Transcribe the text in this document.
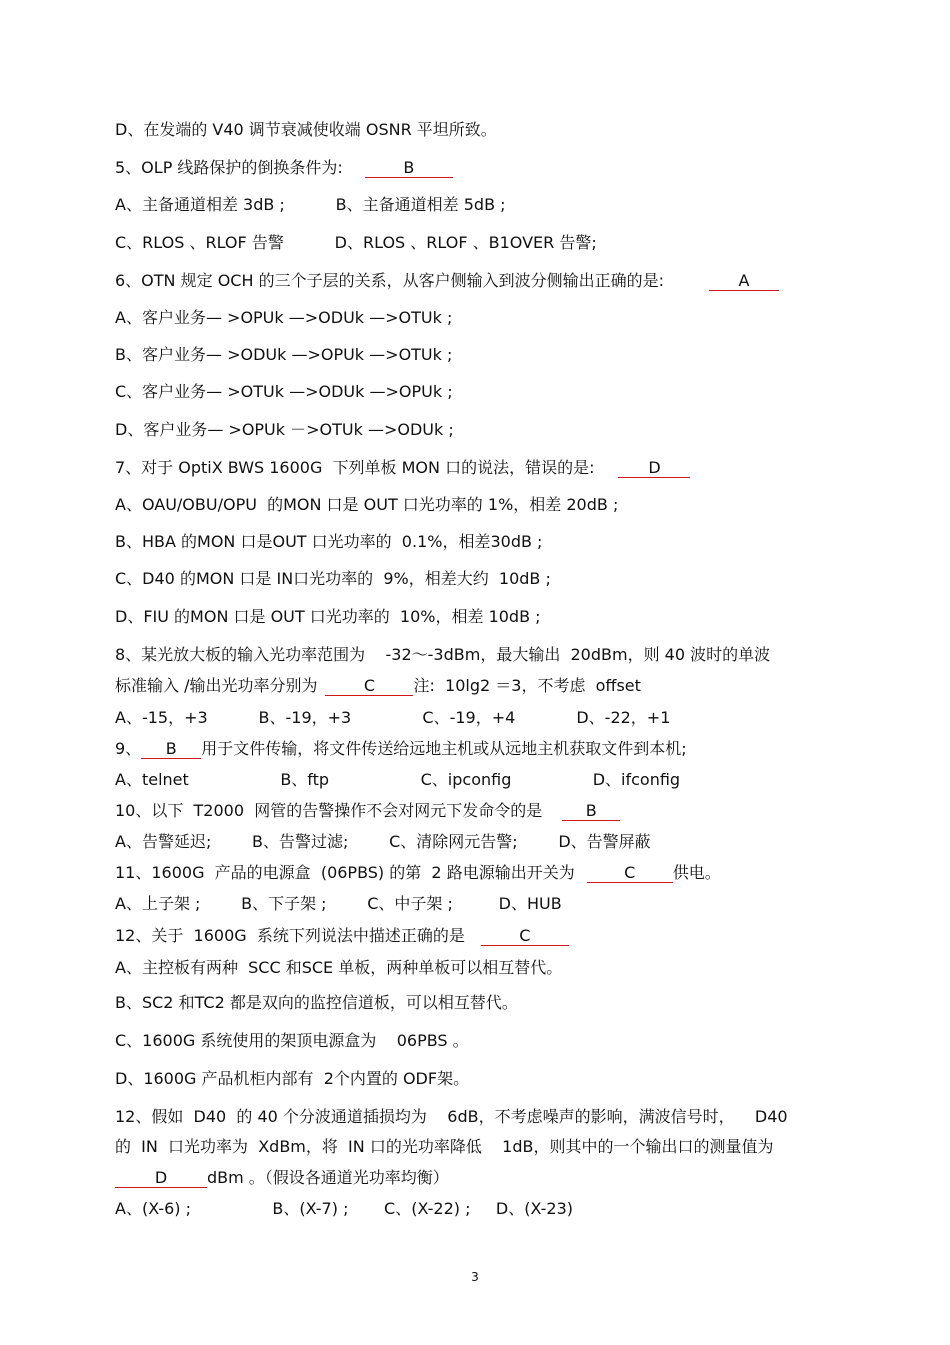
D、在发端的 V40 调节衰减使收端 OSNR 平坦所致。
5、OLP 线路保护的倒换条件为:	B
A、主备通道相差 3dB ;          B、主备通道相差 5dB ;
C、RLOS 、RLOF 告警          D、RLOS 、RLOF 、B1OVER 告警;
6、OTN 规定 OCH 的三个子层的关系，从客户侧输入到波分侧输出正确的是:	A
A、客户业务— >OPUk —>ODUk —>OTUk ;
B、客户业务— >ODUk —>OPUk —>OTUk ;
C、客户业务— >OTUk —>ODUk —>OPUk ;
D、客户业务— >OPUk －>OTUk —>ODUk ;
7、对于 OptiX BWS 1600G  下列单板 MON 口的说法，错误的是:	D
A、OAU/OBU/OPU  的MON 口是 OUT 口光功率的 1%，相差 20dB ;
B、HBA 的MON 口是OUT 口光功率的  0.1%，相差30dB ;
C、D40 的MON 口是 IN口光功率的  9%，相差大约  10dB ;
D、FIU 的MON 口是 OUT 口光功率的  10%，相差 10dB ;
8、某光放大板的输入光功率范围为    -32～-3dBm，最大输出  20dBm，则 40 波时的单波
标准输入 /输出光功率分别为	C 注:  10lg2 ＝3，不考虑  offset
A、-15，+3          B、-19，+3              C、-19，+4            D、-22，+1
9、 B 用于文件传输，将文件传送给远地主机或从远地主机获取文件到本机;
A、telnet                  B、ftp                  C、ipconfig                D、ifconfig
10、以下  T2000  网管的告警操作不会对网元下发命令的是	B
A、告警延迟;        B、告警过滤;        C、清除网元告警;        D、告警屏蔽
11、1600G  产品的电源盒  (06PBS) 的第  2 路电源输出开关为	C 供电。
A、上子架 ;        B、下子架 ;        C、中子架 ;         D、HUB
12、关于  1600G  系统下列说法中描述正确的是	C
A、主控板有两种  SCC 和SCE 单板，两种单板可以相互替代。
B、SC2 和TC2 都是双向的监控信道板，可以相互替代。
C、1600G 系统使用的架顶电源盒为    06PBS 。
D、1600G 产品机柜内部有  2个内置的 ODF架。
12、假如  D40  的 40 个分波通道插损均为    6dB，不考虑噪声的影响，满波信号时，    D40
的  IN  口光功率为  XdBm，将  IN 口的光功率降低    1dB，则其中的一个输出口的测量值为
D dBm 。（假设各通道光功率均衡）
A、(X-6) ;                B、(X-7) ;       C、(X-22) ;     D、(X-23)
3
